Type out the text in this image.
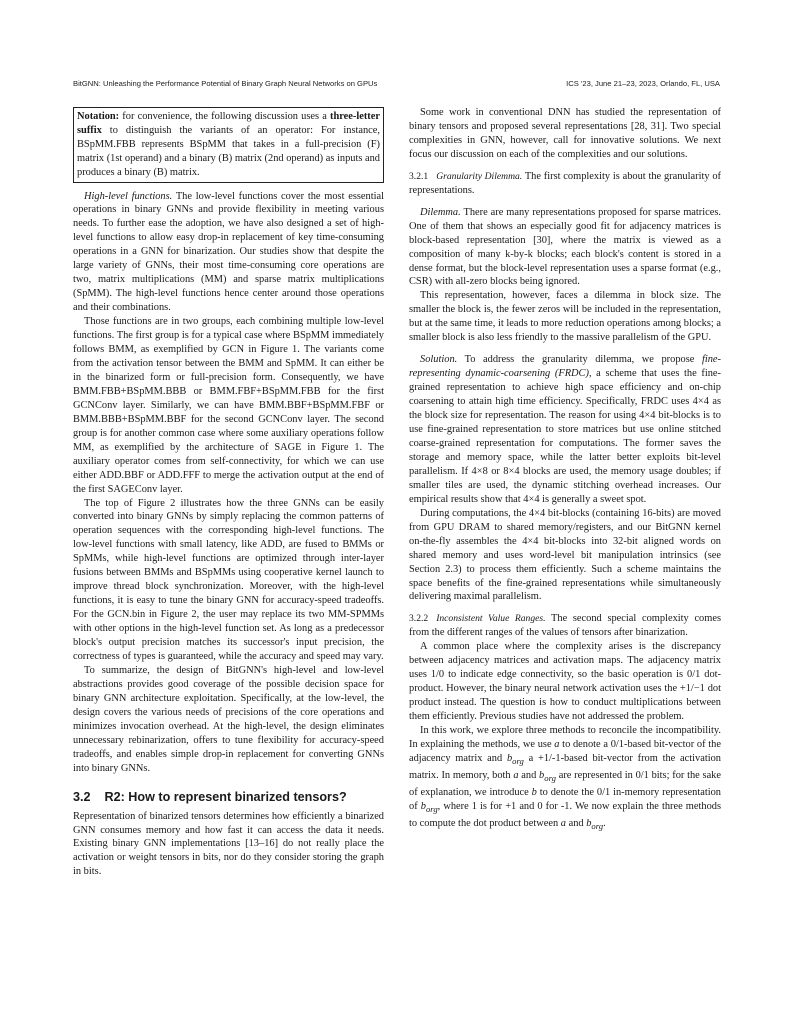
BitGNN: Unleashing the Performance Potential of Binary Graph Neural Networks on GPUs	ICS '23, June 21–23, 2023, Orlando, FL, USA

Notation: for convenience, the following discussion uses a three-letter suffix to distinguish the variants of an operator: For instance, BSpMM.FBB represents BSpMM that takes in a full-precision (F) matrix (1st operand) and a binary (B) matrix (2nd operand) as inputs and produces a binary (B) matrix.

High-level functions. The low-level functions cover the most essential operations in binary GNNs and provide flexibility in meeting various needs. To further ease the adoption, we have also designed a set of high-level functions to allow easy drop-in replacement of key time-consuming operations in a GNN for binarization. Our studies show that despite the large variety of GNNs, their most time-consuming core operations are two, matrix multiplications (MM) and sparse matrix multiplications (SpMM). The high-level functions hence center around those operations and their combinations.

Those functions are in two groups, each combining multiple low-level functions. The first group is for a typical case where BSpMM immediately follows BMM, as exemplified by GCN in Figure 1. The variants come from the activation tensor between the BMM and SpMM. It can either be in the binarized form or full-precision form. Consequently, we have BMM.FBB+BSpMM.BBB or BMM.FBF+BSpMM.FBB for the first GCNConv layer. Similarly, we can have BMM.BBF+BSpMM.FBF or BMM.BBB+BSpMM.BBF for the second GCNConv layer. The second group is for another common case where some auxiliary operations follow MM, as exemplified by the architecture of SAGE in Figure 1. The auxiliary operator comes from self-connectivity, for which we can use either ADD.BBF or ADD.FFF to merge the activation output at the end of the first SAGEConv layer.

The top of Figure 2 illustrates how the three GNNs can be easily converted into binary GNNs by simply replacing the common patterns of operation sequences with the corresponding high-level functions. The low-level functions with small latency, like ADD, are fused to BMMs or SpMMs, while high-level functions are optimized through inter-layer fusions between BMMs and BSpMMs using cooperative kernel launch to improve thread block synchronization. Moreover, with the high-level functions, it is easy to tune the binary GNN for accuracy-speed tradeoffs. For the GCN.bin in Figure 2, the user may replace its two MM-SPMMs with other options in the high-level function set. As long as a predecessor block's output precision matches its successor's input precision, the correctness of types is guaranteed, while the accuracy and speed may vary.

To summarize, the design of BitGNN's high-level and low-level abstractions provides good coverage of the possible decision space for binary GNN architecture exploitation. Specifically, at the low-level, the design covers the various needs of precisions of the core operations and minimizes invocation overhead. At the high-level, the design eliminates unnecessary rebinarization, offers to tune flexibility for accuracy-speed tradeoffs, and enables simple drop-in replacement for converting GNNs into binary GNNs.

3.2 R2: How to represent binarized tensors?

Representation of binarized tensors determines how efficiently a binarized GNN consumes memory and how fast it can access the data it needs. Existing binary GNN implementations [13–16] do not really place the activation or weight tensors in bits, nor do they consider storing the graph in bits.

Some work in conventional DNN has studied the representation of binary tensors and proposed several representations [28, 31]. Two special complexities in GNN, however, call for innovative solutions. We next focus our discussion on each of the complexities and our solutions.

3.2.1 Granularity Dilemma. The first complexity is about the granularity of representations.

Dilemma. There are many representations proposed for sparse matrices. One of them that shows an especially good fit for adjacency matrices is block-based representation [30], where the matrix is viewed as a composition of many k-by-k blocks; each block's content is stored in a dense format, but the block-level representation uses a sparse format (e.g., CSR) with all-zero blocks being ignored.

This representation, however, faces a dilemma in block size. The smaller the block is, the fewer zeros will be included in the representation, but at the same time, it leads to more reduction operations among blocks; a smaller block is also less friendly to the massive parallelism of the GPU.

Solution. To address the granularity dilemma, we propose fine-representing dynamic-coarsening (FRDC), a scheme that uses the fine-grained representation to achieve high space efficiency and on-chip coarsening to attain high time efficiency. Specifically, FRDC uses 4×4 as the block size for representation. The reason for using 4×4 bit-blocks is to use fine-grained representation to store matrices but use online stitched coarse-grained representation for computations. The former saves the storage and memory space, while the latter better exploits bit-level parallelism. If 4×8 or 8×4 blocks are used, the memory usage doubles; if smaller tiles are used, the dynamic stitching overhead increases. Our empirical results show that 4×4 is generally a sweet spot.

During computations, the 4×4 bit-blocks (containing 16-bits) are moved from GPU DRAM to shared memory/registers, and our BitGNN kernel on-the-fly assembles the 4×4 bit-blocks into 32-bit aligned words on shared memory and uses word-level bit manipulation intrinsics (see Section 2.3) to process them efficiently. Such a scheme maintains the space benefits of the fine-grained representations while simultaneously delivering maximal parallelism.

3.2.2 Inconsistent Value Ranges. The second special complexity comes from the different ranges of the values of tensors after binarization.

A common place where the complexity arises is the discrepancy between adjacency matrices and activation maps. The adjacency matrix uses 1/0 to indicate edge connectivity, so the basic operation is 0/1 dot-product. However, the binary neural network activation uses the +1/−1 dot product instead. The question is how to conduct multiplications between them efficiently. Previous studies have not addressed the problem.

In this work, we explore three methods to reconcile the incompatibility. In explaining the methods, we use a to denote a 0/1-based bit-vector of the adjacency matrix and $b_{org}$ a +1/-1-based bit-vector from the activation matrix. In memory, both a and $b_{org}$ are represented in 0/1 bits; for the sake of explanation, we introduce b to denote the 0/1 in-memory representation of $b_{org}$, where 1 is for +1 and 0 for -1. We now explain the three methods to compute the dot product between a and $b_{org}$.
